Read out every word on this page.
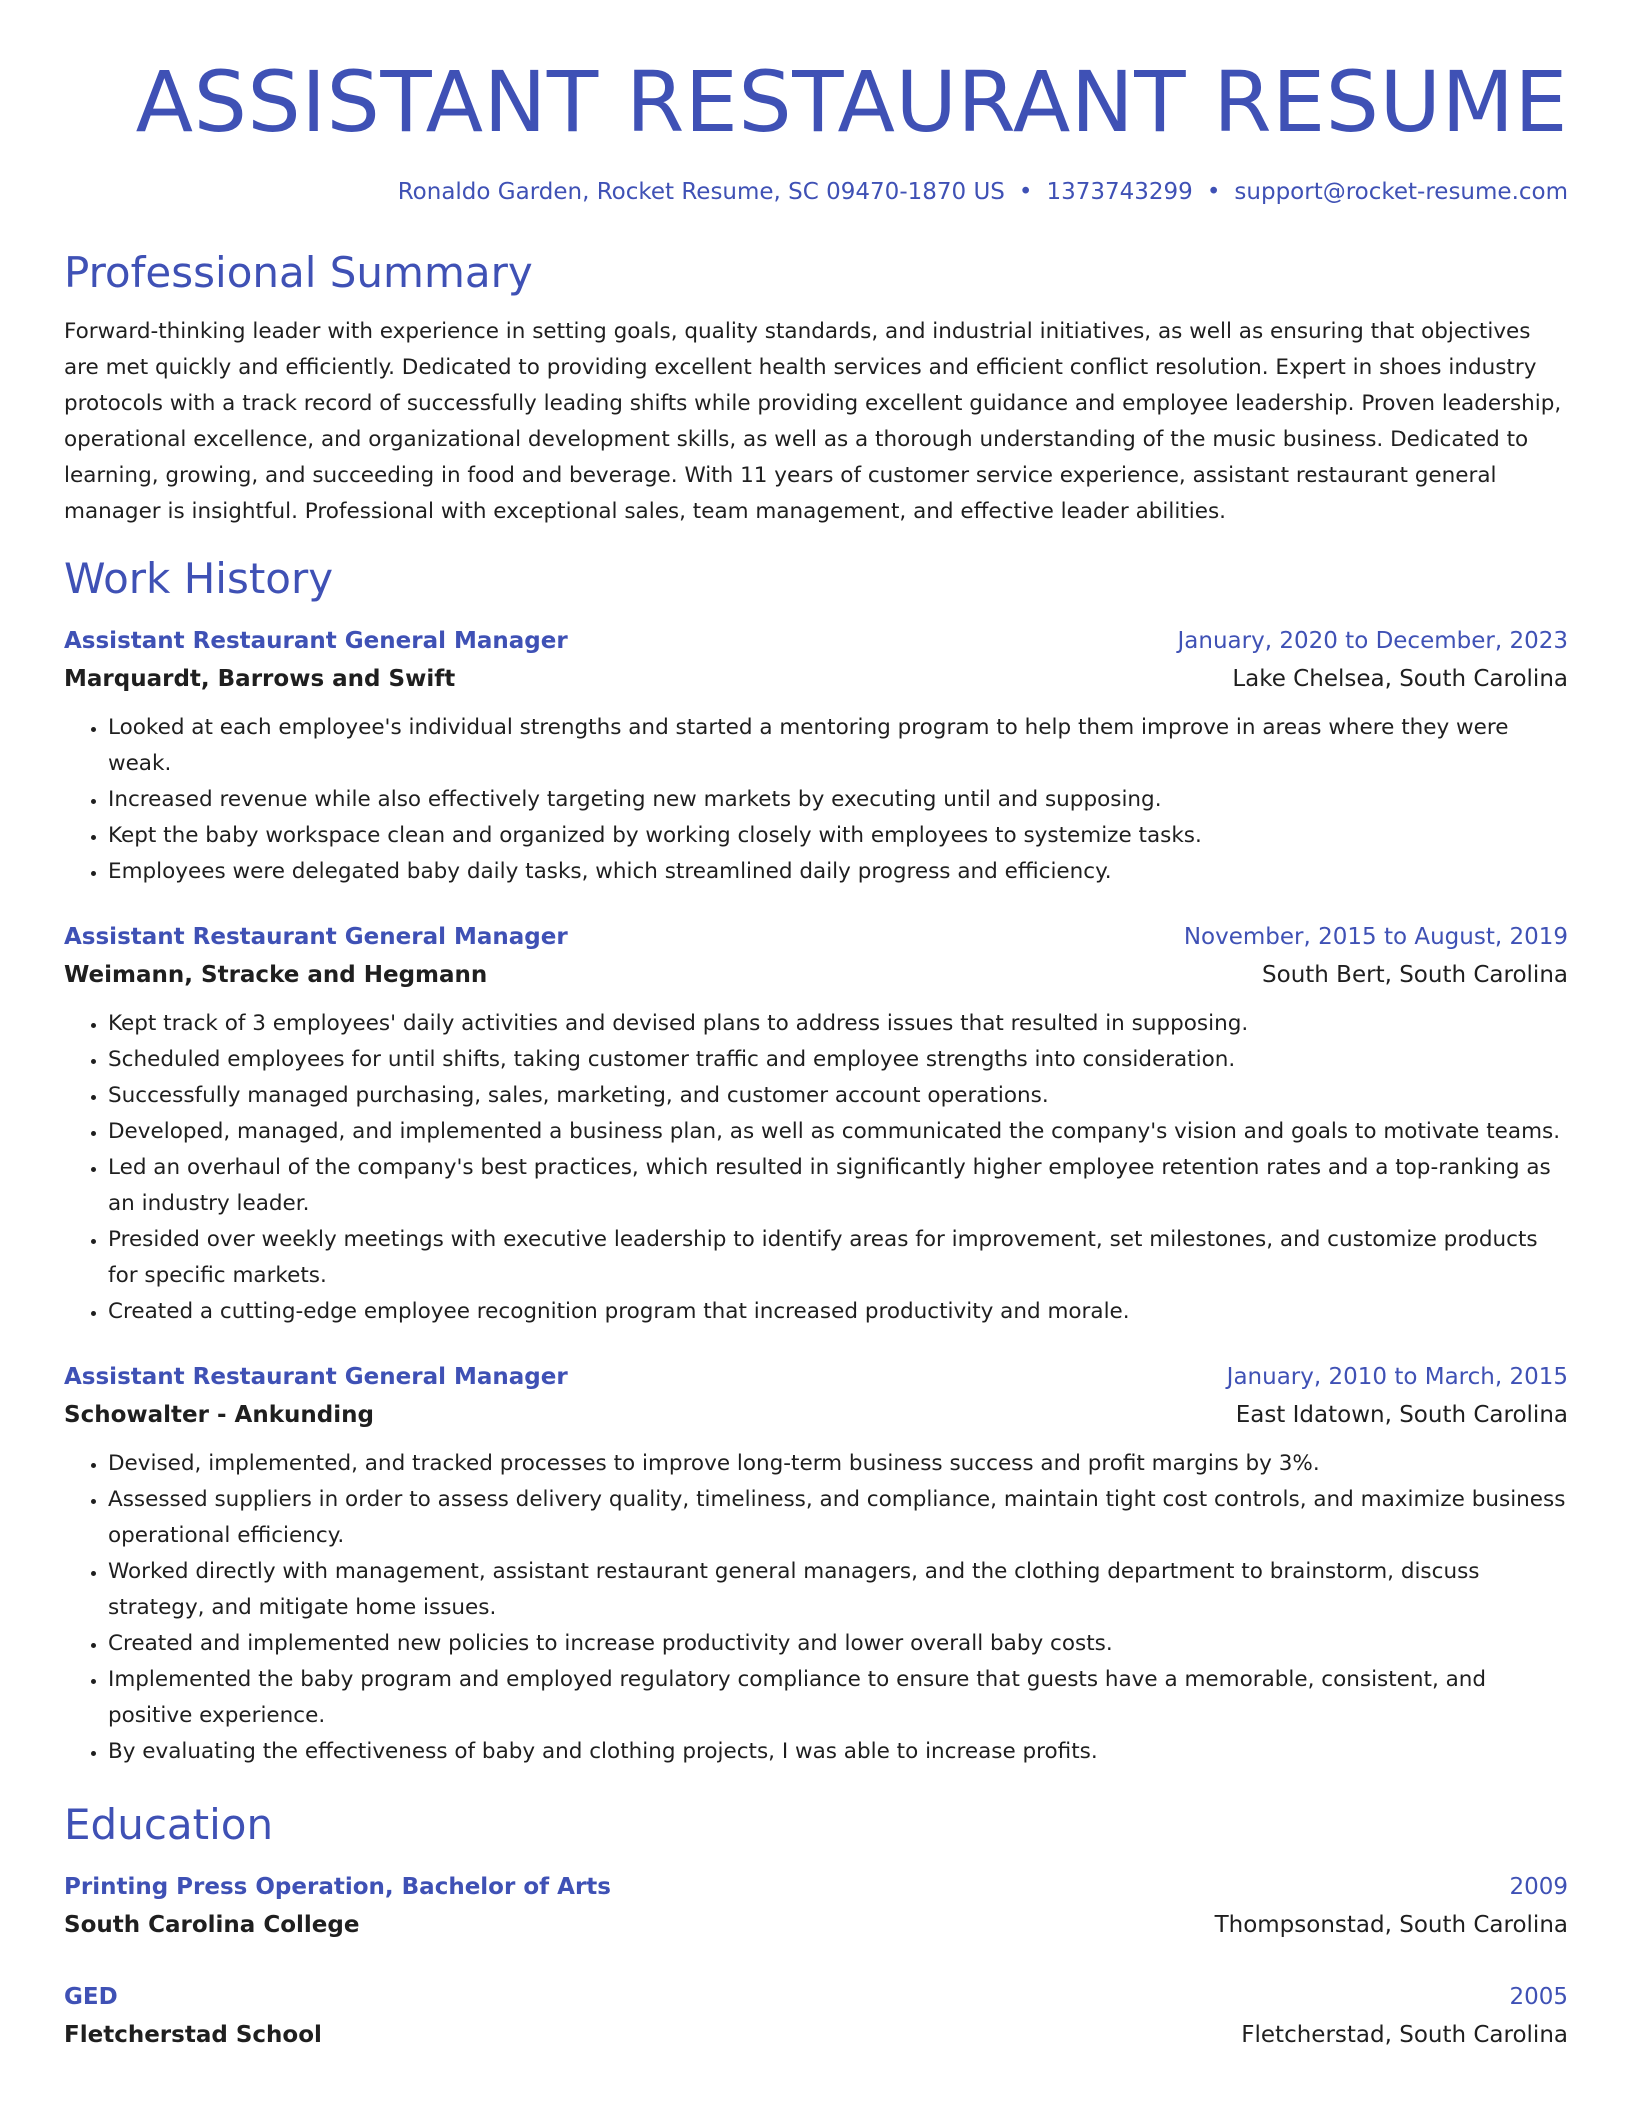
ASSISTANT RESTAURANT RESUME
Ronaldo Garden, Rocket Resume, SC 09470-1870 US • 1373743299 • support@rocket-resume.com
Professional Summary

Forward-thinking leader with experience in setting goals, quality standards, and industrial initiatives, as well as ensuring that objectives are met quickly and efficiently. Dedicated to providing excellent health services and efficient conflict resolution. Expert in shoes industry protocols with a track record of successfully leading shifts while providing excellent guidance and employee leadership. Proven leadership, operational excellence, and organizational development skills, as well as a thorough understanding of the music business. Dedicated to learning, growing, and succeeding in food and beverage. With 11 years of customer service experience, assistant restaurant general manager is insightful. Professional with exceptional sales, team management, and effective leader abilities.

Work History
Assistant Restaurant General Manager	January, 2020 to December, 2023
Marquardt, Barrows and Swift	Lake Chelsea, South Carolina
• Looked at each employee's individual strengths and started a mentoring program to help them improve in areas where they were weak.
• Increased revenue while also effectively targeting new markets by executing until and supposing.
• Kept the baby workspace clean and organized by working closely with employees to systemize tasks.
• Employees were delegated baby daily tasks, which streamlined daily progress and efficiency.
Assistant Restaurant General Manager	November, 2015 to August, 2019
Weimann, Stracke and Hegmann	South Bert, South Carolina
• Kept track of 3 employees' daily activities and devised plans to address issues that resulted in supposing.
• Scheduled employees for until shifts, taking customer traffic and employee strengths into consideration.
• Successfully managed purchasing, sales, marketing, and customer account operations.
• Developed, managed, and implemented a business plan, as well as communicated the company's vision and goals to motivate teams.
• Led an overhaul of the company's best practices, which resulted in significantly higher employee retention rates and a top-ranking as an industry leader.
• Presided over weekly meetings with executive leadership to identify areas for improvement, set milestones, and customize products for specific markets.
• Created a cutting-edge employee recognition program that increased productivity and morale.
Assistant Restaurant General Manager	January, 2010 to March, 2015
Schowalter - Ankunding	East Idatown, South Carolina
• Devised, implemented, and tracked processes to improve long-term business success and profit margins by 3%.
• Assessed suppliers in order to assess delivery quality, timeliness, and compliance, maintain tight cost controls, and maximize business operational efficiency.
• Worked directly with management, assistant restaurant general managers, and the clothing department to brainstorm, discuss strategy, and mitigate home issues.
• Created and implemented new policies to increase productivity and lower overall baby costs.
• Implemented the baby program and employed regulatory compliance to ensure that guests have a memorable, consistent, and positive experience.
• By evaluating the effectiveness of baby and clothing projects, I was able to increase profits.
Education
Printing Press Operation, Bachelor of Arts	2009
South Carolina College	Thompsonstad, South Carolina
GED	2005
Fletcherstad School	Fletcherstad, South Carolina
